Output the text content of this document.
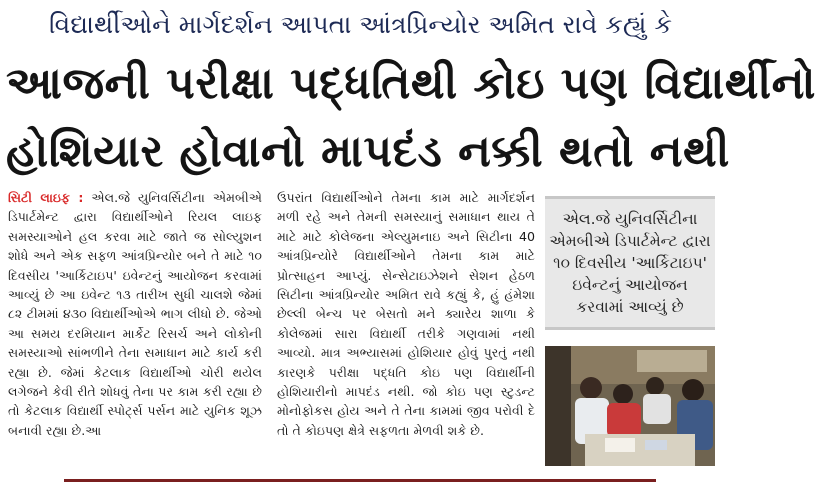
વિદ્યાર્થીઓને માર્ગદર્શન આપતા આંત્રપ્રિન્યોર અમિત રાવે કહ્યું કે
આજની પરીક્ષા પદ્ધતિથી કોઇ પણ વિદ્યાર્થીનો
હોશિયાર હોવાનો માપદંડ નક્કી થતો નથી
સિટી લાઇફ : એલ.જે યુનિવર્સિટીના એમબીએ ડિપાર્ટમેન્ટ દ્વારા વિદ્યાર્થીઓને રિયલ લાઇફ સમસ્યાઓને હલ કરવા માટે જાતે જ સોલ્યુશન શોધે અને એક સફળ આંત્રપ્રિન્યોર બને તે માટે ૧૦ દિવસીય 'આર્કિટાઇપ' ઇવેન્ટનું આયોજન કરવામાં આવ્યું છે આ ઇવેન્ટ ૧૩ તારીખ સુધી ચાલશે જેમાં ૮૨ ટીમમાં ૪૩૦ વિદ્યાર્થીઓએ ભાગ લીધો છે. જેઓ આ સમય દરમિયાન માર્કેટ રિસર્ચ અને લોકોની સમસ્યાઓ સાંભળીને તેના સમાધાન માટે કાર્ય કરી રહ્યા છે. જેમાં કેટલાક વિદ્યાર્થીઓ ચોરી થયેલ લગેજને કેવી રીતે શોધવું તેના પર કામ કરી રહ્યા છે તો કેટલાક વિદ્યાર્થી સ્પોર્ટ્સ પર્સન માટે યુનિક શૂઝ બનાવી રહ્યા છે.આ
ઉપરાંત વિદ્યાર્થીઓને તેમના કામ માટે માર્ગદર્શન મળી રહે અને તેમની સમસ્યાનું સમાધાન થાય તે માટે માટે કોલેજના એલ્યુમનાઇ અને સિટીના 40 આંત્રપ્રિન્યોરે વિદ્યાર્થીઓને તેમના કામ માટે પ્રોત્સાહન આપ્યું. સેન્સેટાઇઝેશને સેશન હેઠળ સિટીના આંત્રપ્રિન્યોર અમિત રાવે કહ્યું કે, હું હંમેશા છેલ્લી બેન્ચ પર બેસતો મને ક્યારેય શાળા કે કોલેજમાં સારા વિદ્યાર્થી તરીકે ગણવામાં નથી આવ્યો. માત્ર અભ્યાસમાં હોશિયાર હોવું પુરતું નથી કારણકે પરીક્ષા પદ્ધતિ કોઇ પણ વિદ્યાર્થીની હોશિયારીનો માપદંડ નથી. જો કોઇ પણ સ્ટુડન્ટ મોનોફોકસ હોય અને તે તેના કામમાં જીવ પરોવી દે તો તે કોઇપણ ક્ષેત્રે સફળતા મેળવી શકે છે.
એલ.જે યુનિવર્સિટીના એમબીએ ડિપાર્ટમેન્ટ દ્વારા ૧૦ દિવસીય 'આર્કિટાઇપ' ઇવેન્ટનું આયોજન કરવામાં આવ્યું છે
